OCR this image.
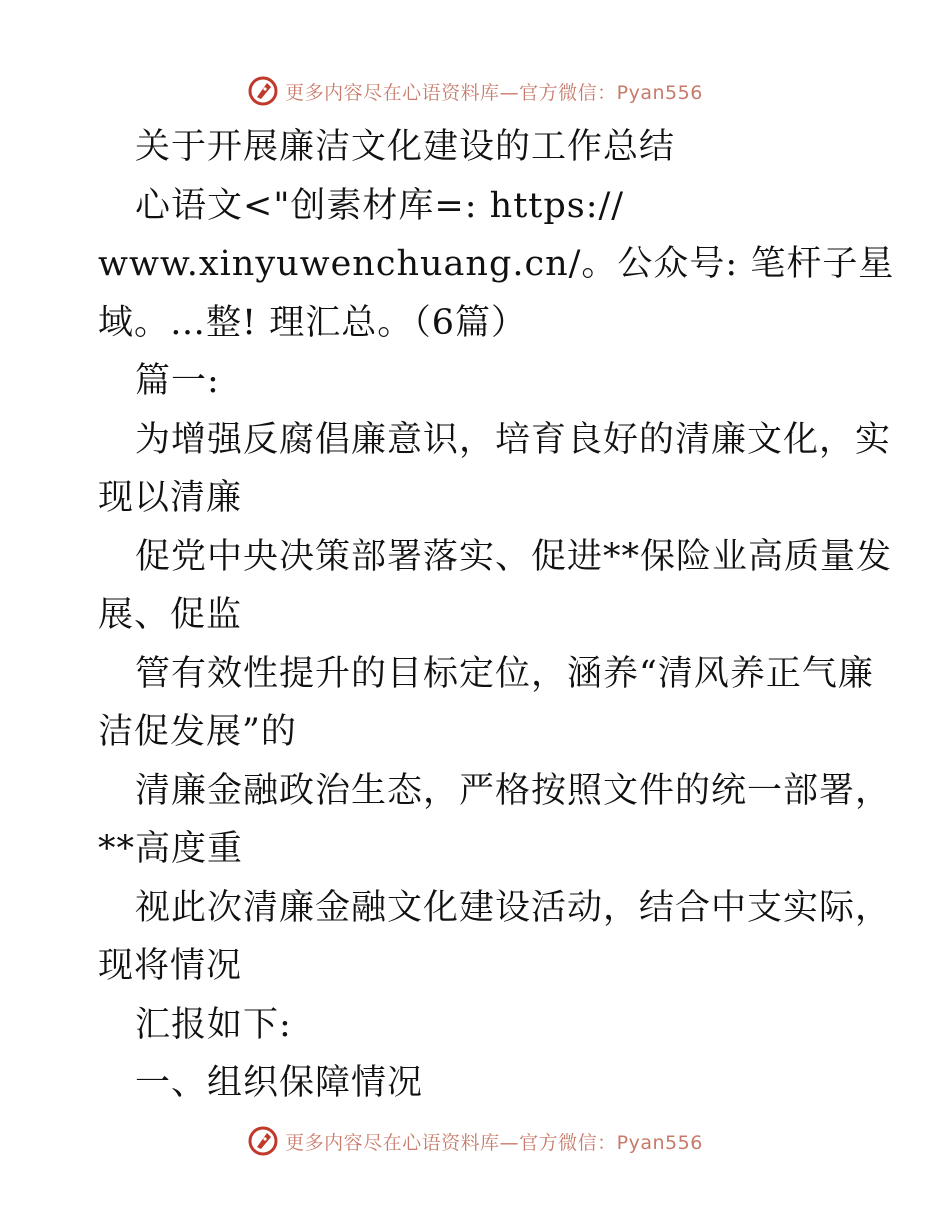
更多内容尽在心语资料库—官方微信：Pyan556
关于开展廉洁文化建设的工作总结
心语文<"创素材库=: https://
www.xinyuwenchuang.cn/。公众号: 笔杆子星
域。…整! 理汇总。（6篇）
篇一:
为增强反腐倡廉意识，培育良好的清廉文化，实
现以清廉
促党中央决策部署落实、促进**保险业高质量发
展、促监
管有效性提升的目标定位，涵养“清风养正气廉
洁促发展”的
清廉金融政治生态，严格按照文件的统一部署，
**高度重
视此次清廉金融文化建设活动，结合中支实际，
现将情况
汇报如下:
一、组织保障情况
更多内容尽在心语资料库—官方微信：Pyan556
